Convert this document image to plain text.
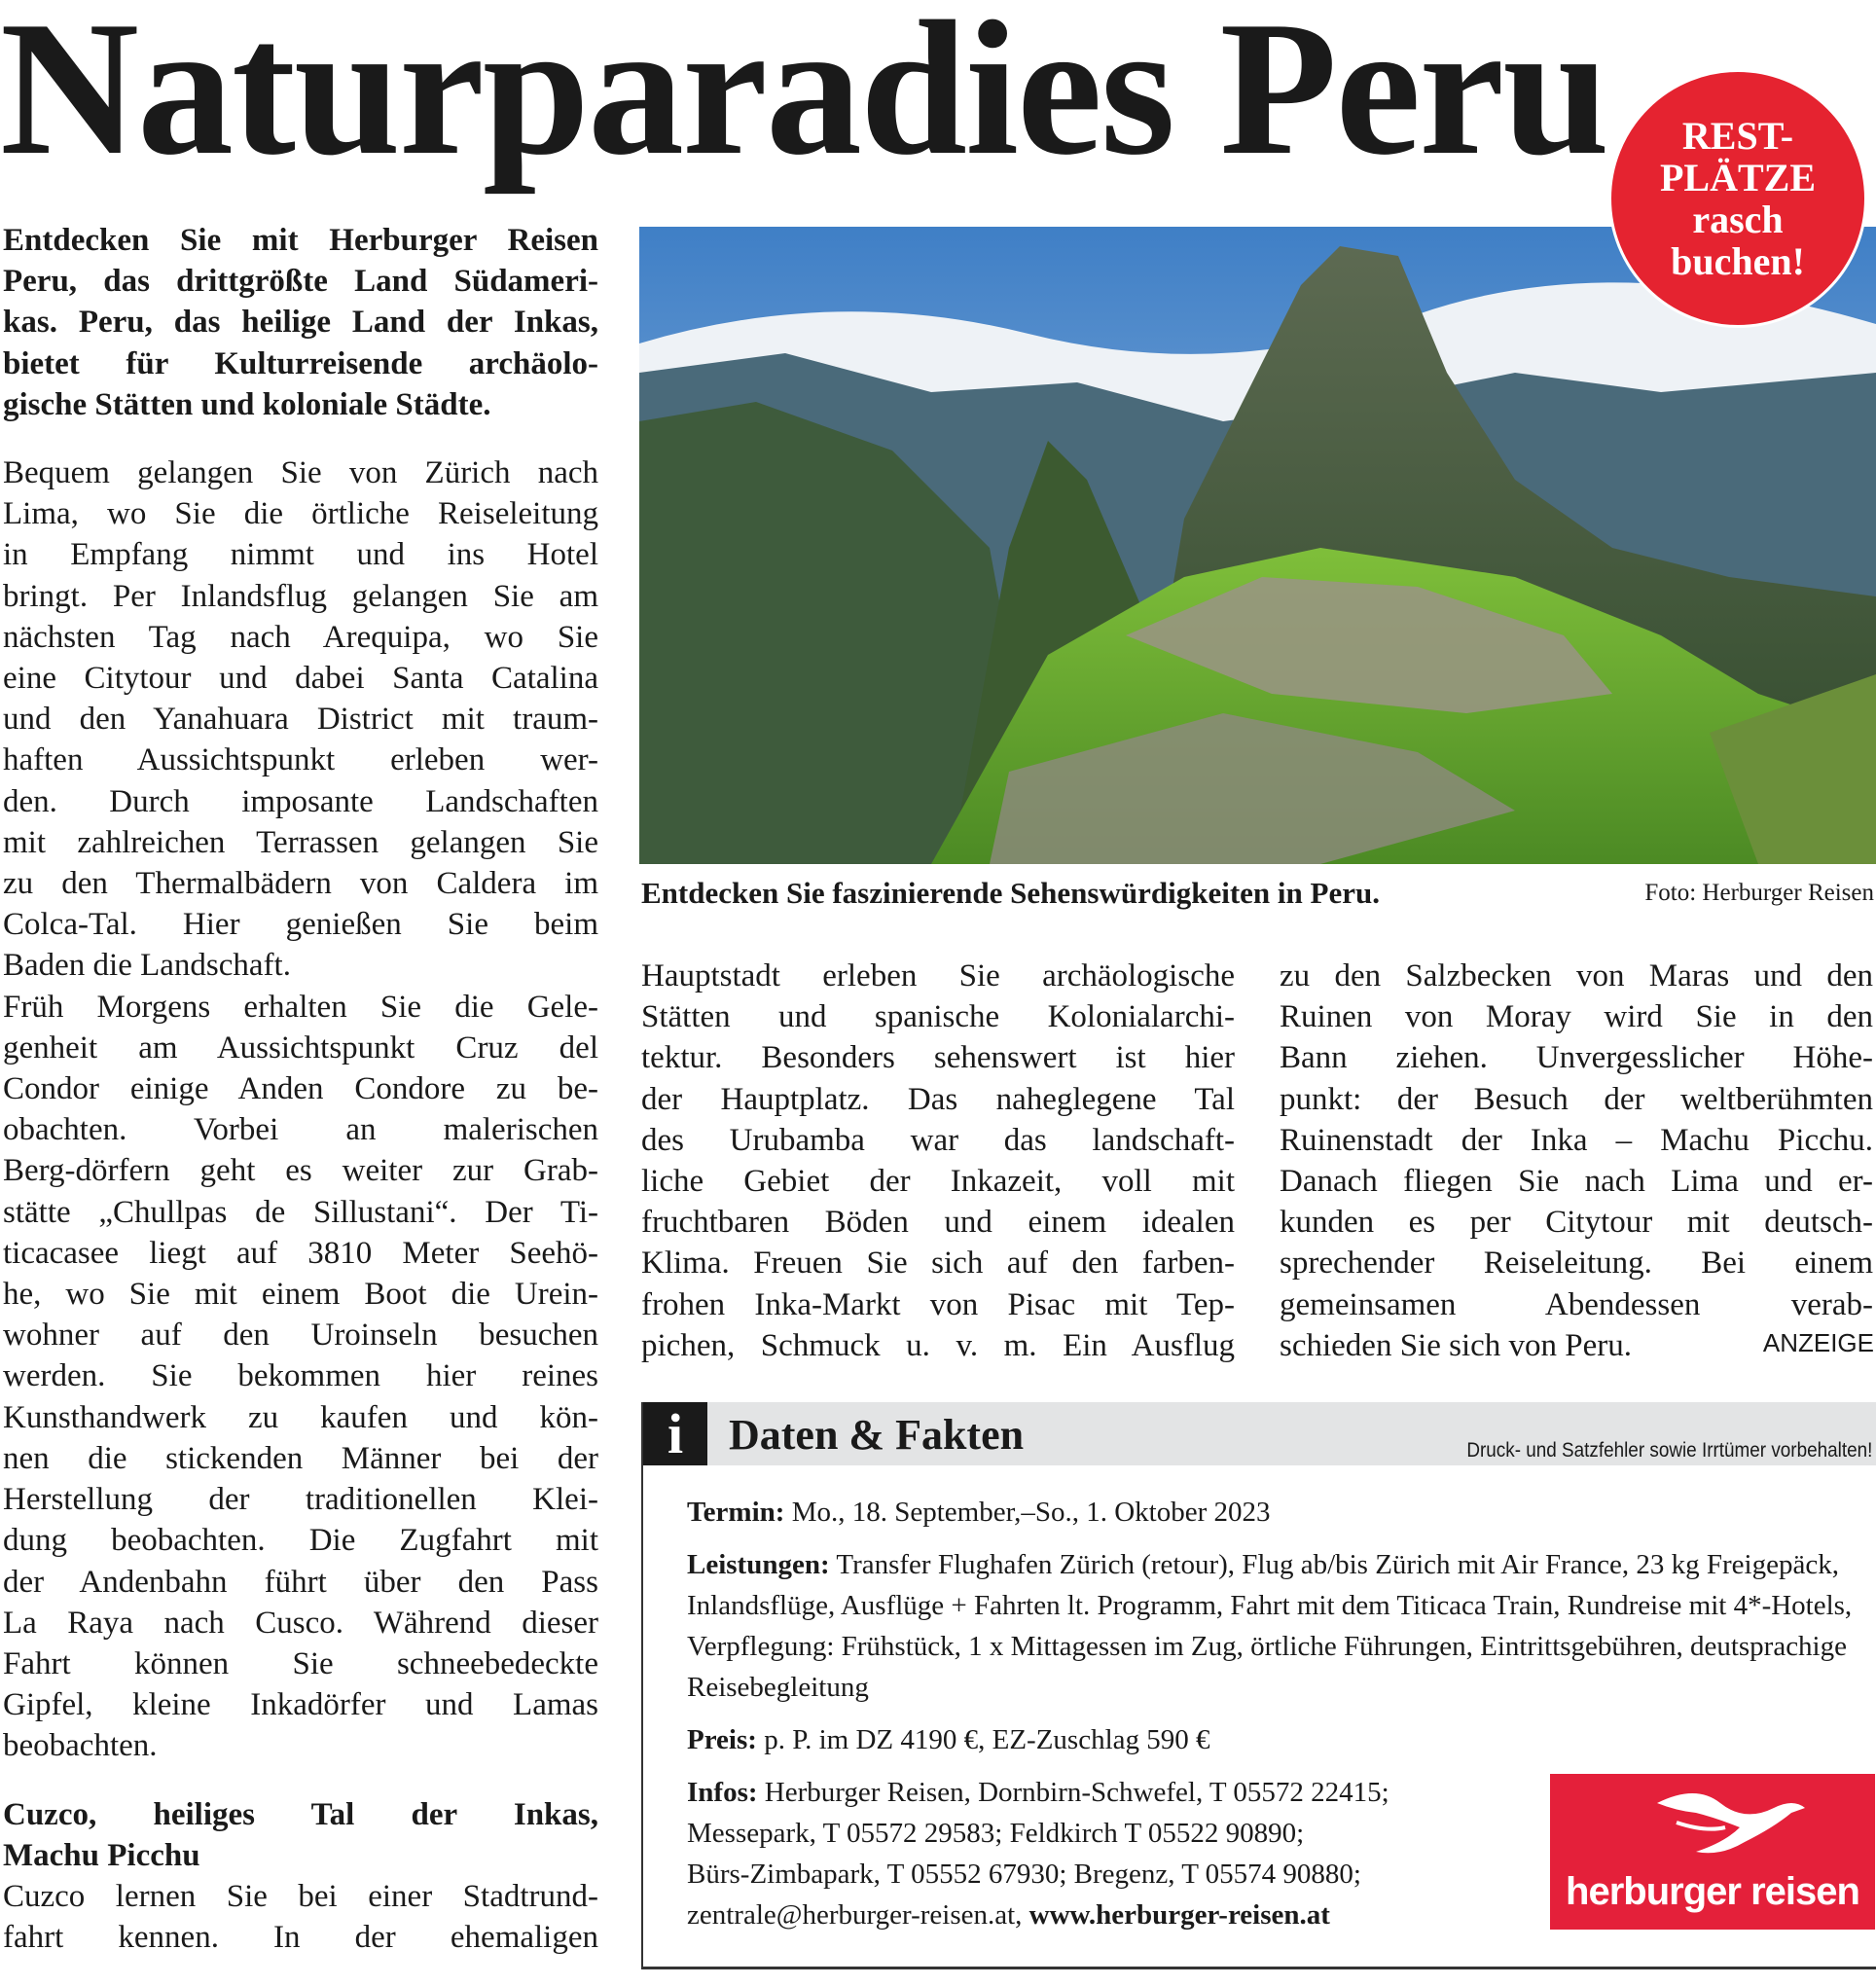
Naturparadies Peru	REST-
PLÄTZE
rasch
buchen!
Entdecken Sie faszinierende Sehenswürdigkeiten in Peru.	Foto: Herburger Reisen
Entdecken Sie mit Herburger Reisen
Peru, das drittgrößte Land Südameri-
kas. Peru, das heilige Land der Inkas,
bietet für Kulturreisende archäolo-
gische Stätten und koloniale Städte.
Bequem gelangen Sie von Zürich nach
Lima, wo Sie die örtliche Reiseleitung
in Empfang nimmt und ins Hotel
bringt. Per Inlandsflug gelangen Sie am
nächsten Tag nach Arequipa, wo Sie
eine Citytour und dabei Santa Catalina
und den Yanahuara District mit traum-
haften Aussichtspunkt erleben wer-
den. Durch imposante Landschaften
mit zahlreichen Terrassen gelangen Sie
zu den Thermalbädern von Caldera im
Colca-Tal. Hier genießen Sie beim
Baden die Landschaft.
Früh Morgens erhalten Sie die Gele-
genheit am Aussichtspunkt Cruz del
Condor einige Anden Condore zu be-
obachten. Vorbei an malerischen
Berg-dörfern geht es weiter zur Grab-
stätte „Chullpas de Sillustani“. Der Ti-
ticacasee liegt auf 3810 Meter Seehö-
he, wo Sie mit einem Boot die Urein-
wohner auf den Uroinseln besuchen
werden. Sie bekommen hier reines
Kunsthandwerk zu kaufen und kön-
nen die stickenden Männer bei der
Herstellung der traditionellen Klei-
dung beobachten. Die Zugfahrt mit
der Andenbahn führt über den Pass
La Raya nach Cusco. Während dieser
Fahrt können Sie schneebedeckte
Gipfel, kleine Inkadörfer und Lamas
beobachten.
Cuzco, heiliges Tal der Inkas,
Machu Picchu
Cuzco lernen Sie bei einer Stadtrund-
fahrt kennen. In der ehemaligen
Hauptstadt erleben Sie archäologische
Stätten und spanische Kolonialarchi-
tektur. Besonders sehenswert ist hier
der Hauptplatz. Das naheglegene Tal
des Urubamba war das landschaft-
liche Gebiet der Inkazeit, voll mit
fruchtbaren Böden und einem idealen
Klima. Freuen Sie sich auf den farben-
frohen Inka-Markt von Pisac mit Tep-
pichen, Schmuck u. v. m. Ein Ausflug
zu den Salzbecken von Maras und den
Ruinen von Moray wird Sie in den
Bann ziehen. Unvergesslicher Höhe-
punkt: der Besuch der weltberühmten
Ruinenstadt der Inka – Machu Picchu.
Danach fliegen Sie nach Lima und er-
kunden es per Citytour mit deutsch-
sprechender Reiseleitung. Bei einem
gemeinsamen Abendessen verab-
schieden Sie sich von Peru.	ANZEIGE
i	Daten & Fakten	Druck- und Satzfehler sowie Irrtümer vorbehalten!

Termin: Mo., 18. September,–So., 1. Oktober 2023

Leistungen: Transfer Flughafen Zürich (retour), Flug ab/bis Zürich mit Air France, 23 kg Freigepäck, Inlandsflüge, Ausflüge + Fahrten lt. Programm, Fahrt mit dem Titicaca Train, Rundreise mit 4*-Hotels, Verpflegung: Frühstück, 1 x Mittagessen im Zug, örtliche Führungen, Eintrittsgebühren, deutsprachige Reisebegleitung

Preis: p. P. im DZ 4190 €, EZ-Zuschlag 590 €

Infos: Herburger Reisen, Dornbirn-Schwefel, T 05572 22415;
Messepark, T 05572 29583; Feldkirch T 05522 90890;
Bürs-Zimbapark, T 05552 67930; Bregenz, T 05574 90880;
zentrale@herburger-reisen.at, www.herburger-reisen.at

herburger reisen
